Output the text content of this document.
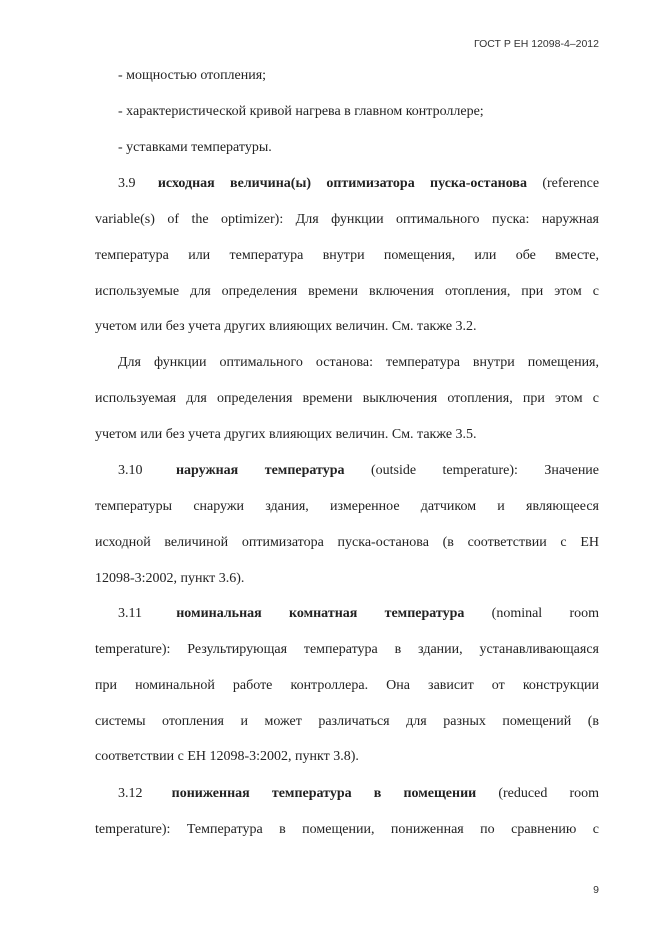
ГОСТ Р ЕН 12098-4–2012
- мощностью отопления;
- характеристической кривой нагрева в главном контроллере;
- уставками температуры.
3.9 исходная величина(ы) оптимизатора пуска-останова (reference
variable(s) of the optimizer): Для функции оптимального пуска: наружная
температура или температура внутри помещения, или обе вместе,
используемые для определения времени включения отопления, при этом с
учетом или без учета других влияющих величин. См. также 3.2.
Для функции оптимального останова: температура внутри помещения,
используемая для определения времени выключения отопления, при этом с
учетом или без учета других влияющих величин. См. также 3.5.
3.10 наружная температура (outside temperature): Значение
температуры снаружи здания, измеренное датчиком и являющееся
исходной величиной оптимизатора пуска-останова (в соответствии с ЕН
12098-3:2002, пункт 3.6).
3.11 номинальная комнатная температура (nominal room
temperature): Результирующая температура в здании, устанавливающаяся
при номинальной работе контроллера. Она зависит от конструкции
системы отопления и может различаться для разных помещений (в
соответствии с ЕН 12098-3:2002, пункт 3.8).
3.12 пониженная температура в помещении (reduced room
temperature): Температура в помещении, пониженная по сравнению с
9
